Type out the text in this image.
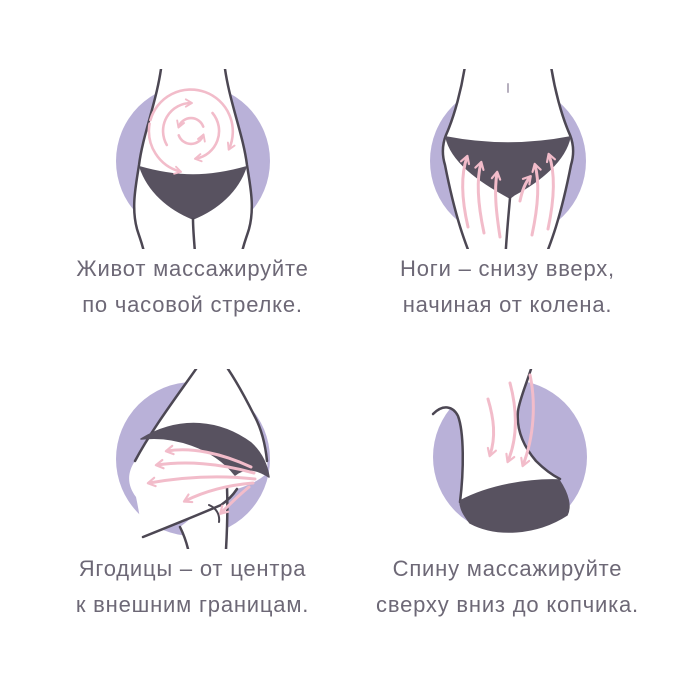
Живот массажируйте
по часовой стрелке.
Ноги – снизу вверх,
начиная от колена.
Ягодицы – от центра
к внешним границам.
Спину массажируйте
сверху вниз до копчика.
